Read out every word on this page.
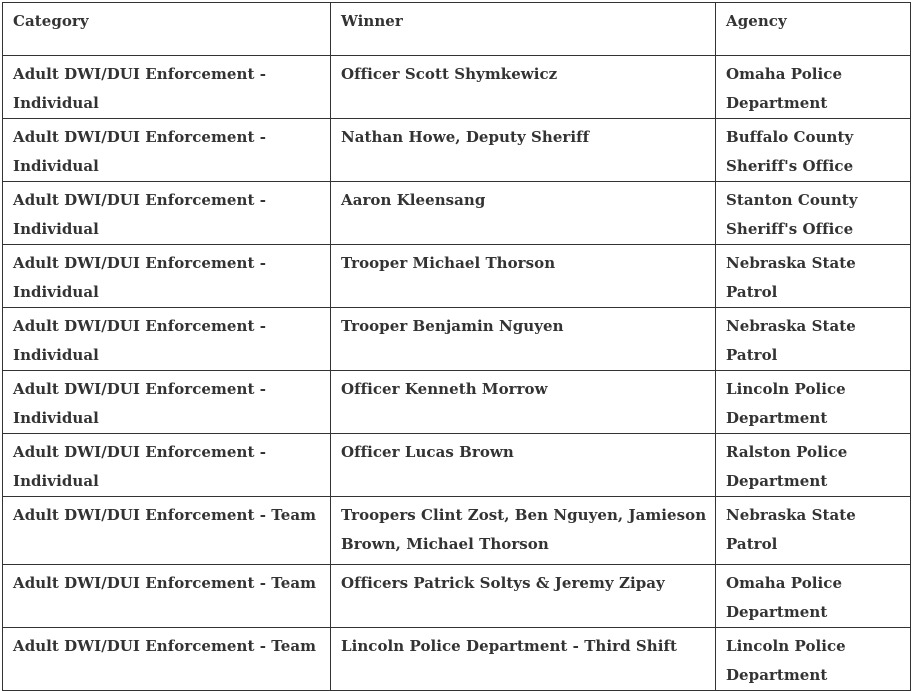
Category	Winner	Agency
Adult DWI/DUI Enforcement - Individual	Officer Scott Shymkewicz	Omaha Police Department
Adult DWI/DUI Enforcement - Individual	Nathan Howe, Deputy Sheriff	Buffalo County Sheriff's Office
Adult DWI/DUI Enforcement - Individual	Aaron Kleensang	Stanton County Sheriff's Office
Adult DWI/DUI Enforcement - Individual	Trooper Michael Thorson	Nebraska State Patrol
Adult DWI/DUI Enforcement - Individual	Trooper Benjamin Nguyen	Nebraska State Patrol
Adult DWI/DUI Enforcement - Individual	Officer Kenneth Morrow	Lincoln Police Department
Adult DWI/DUI Enforcement - Individual	Officer Lucas Brown	Ralston Police Department
Adult DWI/DUI Enforcement - Team	Troopers Clint Zost, Ben Nguyen, Jamieson Brown, Michael Thorson	Nebraska State Patrol
Adult DWI/DUI Enforcement - Team	Officers Patrick Soltys & Jeremy Zipay	Omaha Police Department
Adult DWI/DUI Enforcement - Team	Lincoln Police Department - Third Shift	Lincoln Police Department
